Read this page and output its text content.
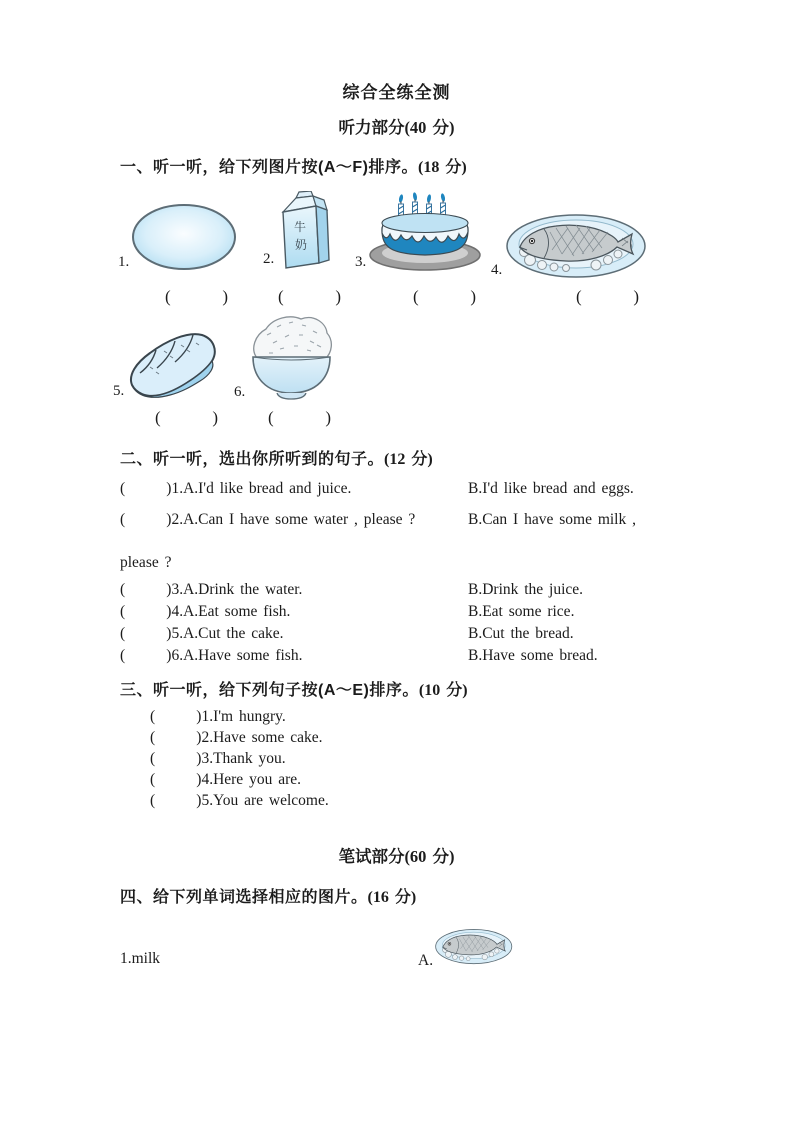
综合全练全测
听力部分(40 分)
一、听一听，给下列图片按(A～F)排序。(18 分)
1.	2.
牛
奶
3.	4.
(       )	(       )	(       )	(       )
5.	6.
(       )	(       )
二、听一听，选出你所听到的句子。(12 分)
(       )1.A.I'd like bread and juice.	B.I'd like bread and eggs.
(       )2.A.Can I have some water , please ?	B.Can I have some milk ,
please ?
(       )3.A.Drink the water.	B.Drink the juice.
(       )4.A.Eat some fish.	B.Eat some rice.
(       )5.A.Cut the cake.	B.Cut the bread.
(       )6.A.Have some fish.	B.Have some bread.
三、听一听，给下列句子按(A～E)排序。(10 分)
(       )1.I'm hungry.
(       )2.Have some cake.
(       )3.Thank you.
(       )4.Here you are.
(       )5.You are welcome.
笔试部分(60 分)
四、给下列单词选择相应的图片。(16 分)
1.milk	A.
